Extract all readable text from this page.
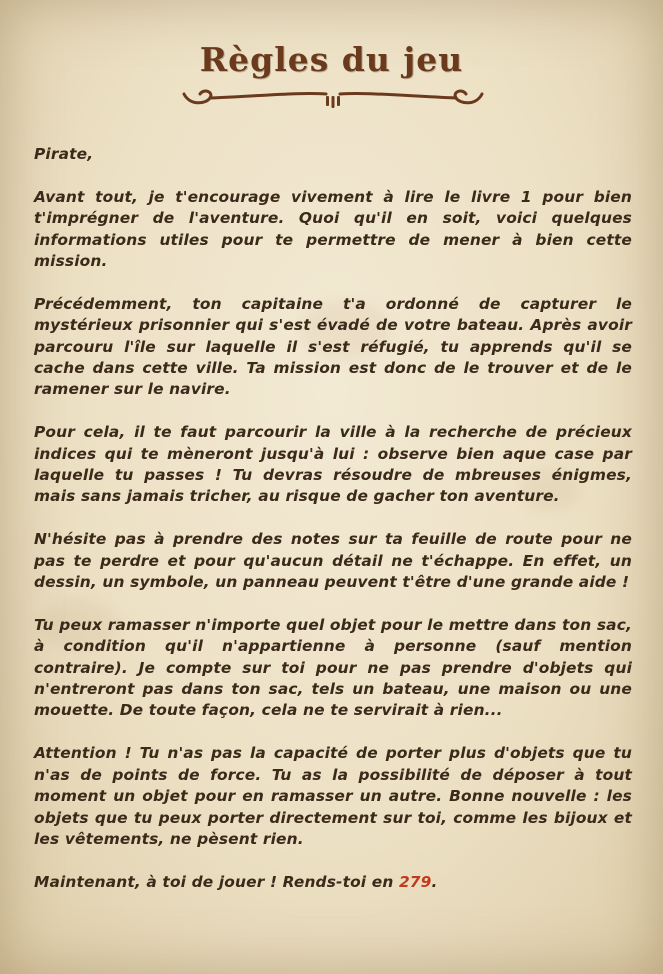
Règles du jeu
Pirate,

Avant tout, je t'encourage vivement à lire le livre 1 pour bien t'imprégner de l'aventure. Quoi qu'il en soit, voici quelques informations utiles pour te permettre de mener à bien cette mission.

Précédemment, ton capitaine t'a ordonné de capturer le mystérieux prisonnier qui s'est évadé de votre bateau. Après avoir parcouru l'île sur laquelle il s'est réfugié, tu apprends qu'il se cache dans cette ville. Ta mission est donc de le trouver et de le ramener sur le navire.

Pour cela, il te faut parcourir la ville à la recherche de précieux indices qui te mèneront jusqu'à lui : observe bien aque case par laquelle tu passes ! Tu devras résoudre de mbreuses énigmes, mais sans jamais tricher, au risque de gacher ton aventure.

N'hésite pas à prendre des notes sur ta feuille de route pour ne pas te perdre et pour qu'aucun détail ne t'échappe. En effet, un dessin, un symbole, un panneau peuvent t'être d'une grande aide !

Tu peux ramasser n'importe quel objet pour le mettre dans ton sac, à condition qu'il n'appartienne à personne (sauf mention contraire). Je compte sur toi pour ne pas prendre d'objets qui n'entreront pas dans ton sac, tels un bateau, une maison ou une mouette. De toute façon, cela ne te servirait à rien...

Attention ! Tu n'as pas la capacité de porter plus d'objets que tu n'as de points de force. Tu as la possibilité de déposer à tout moment un objet pour en ramasser un autre. Bonne nouvelle : les objets que tu peux porter directement sur toi, comme les bijoux et les vêtements, ne pèsent rien.

Maintenant, à toi de jouer ! Rends-toi en 279.
